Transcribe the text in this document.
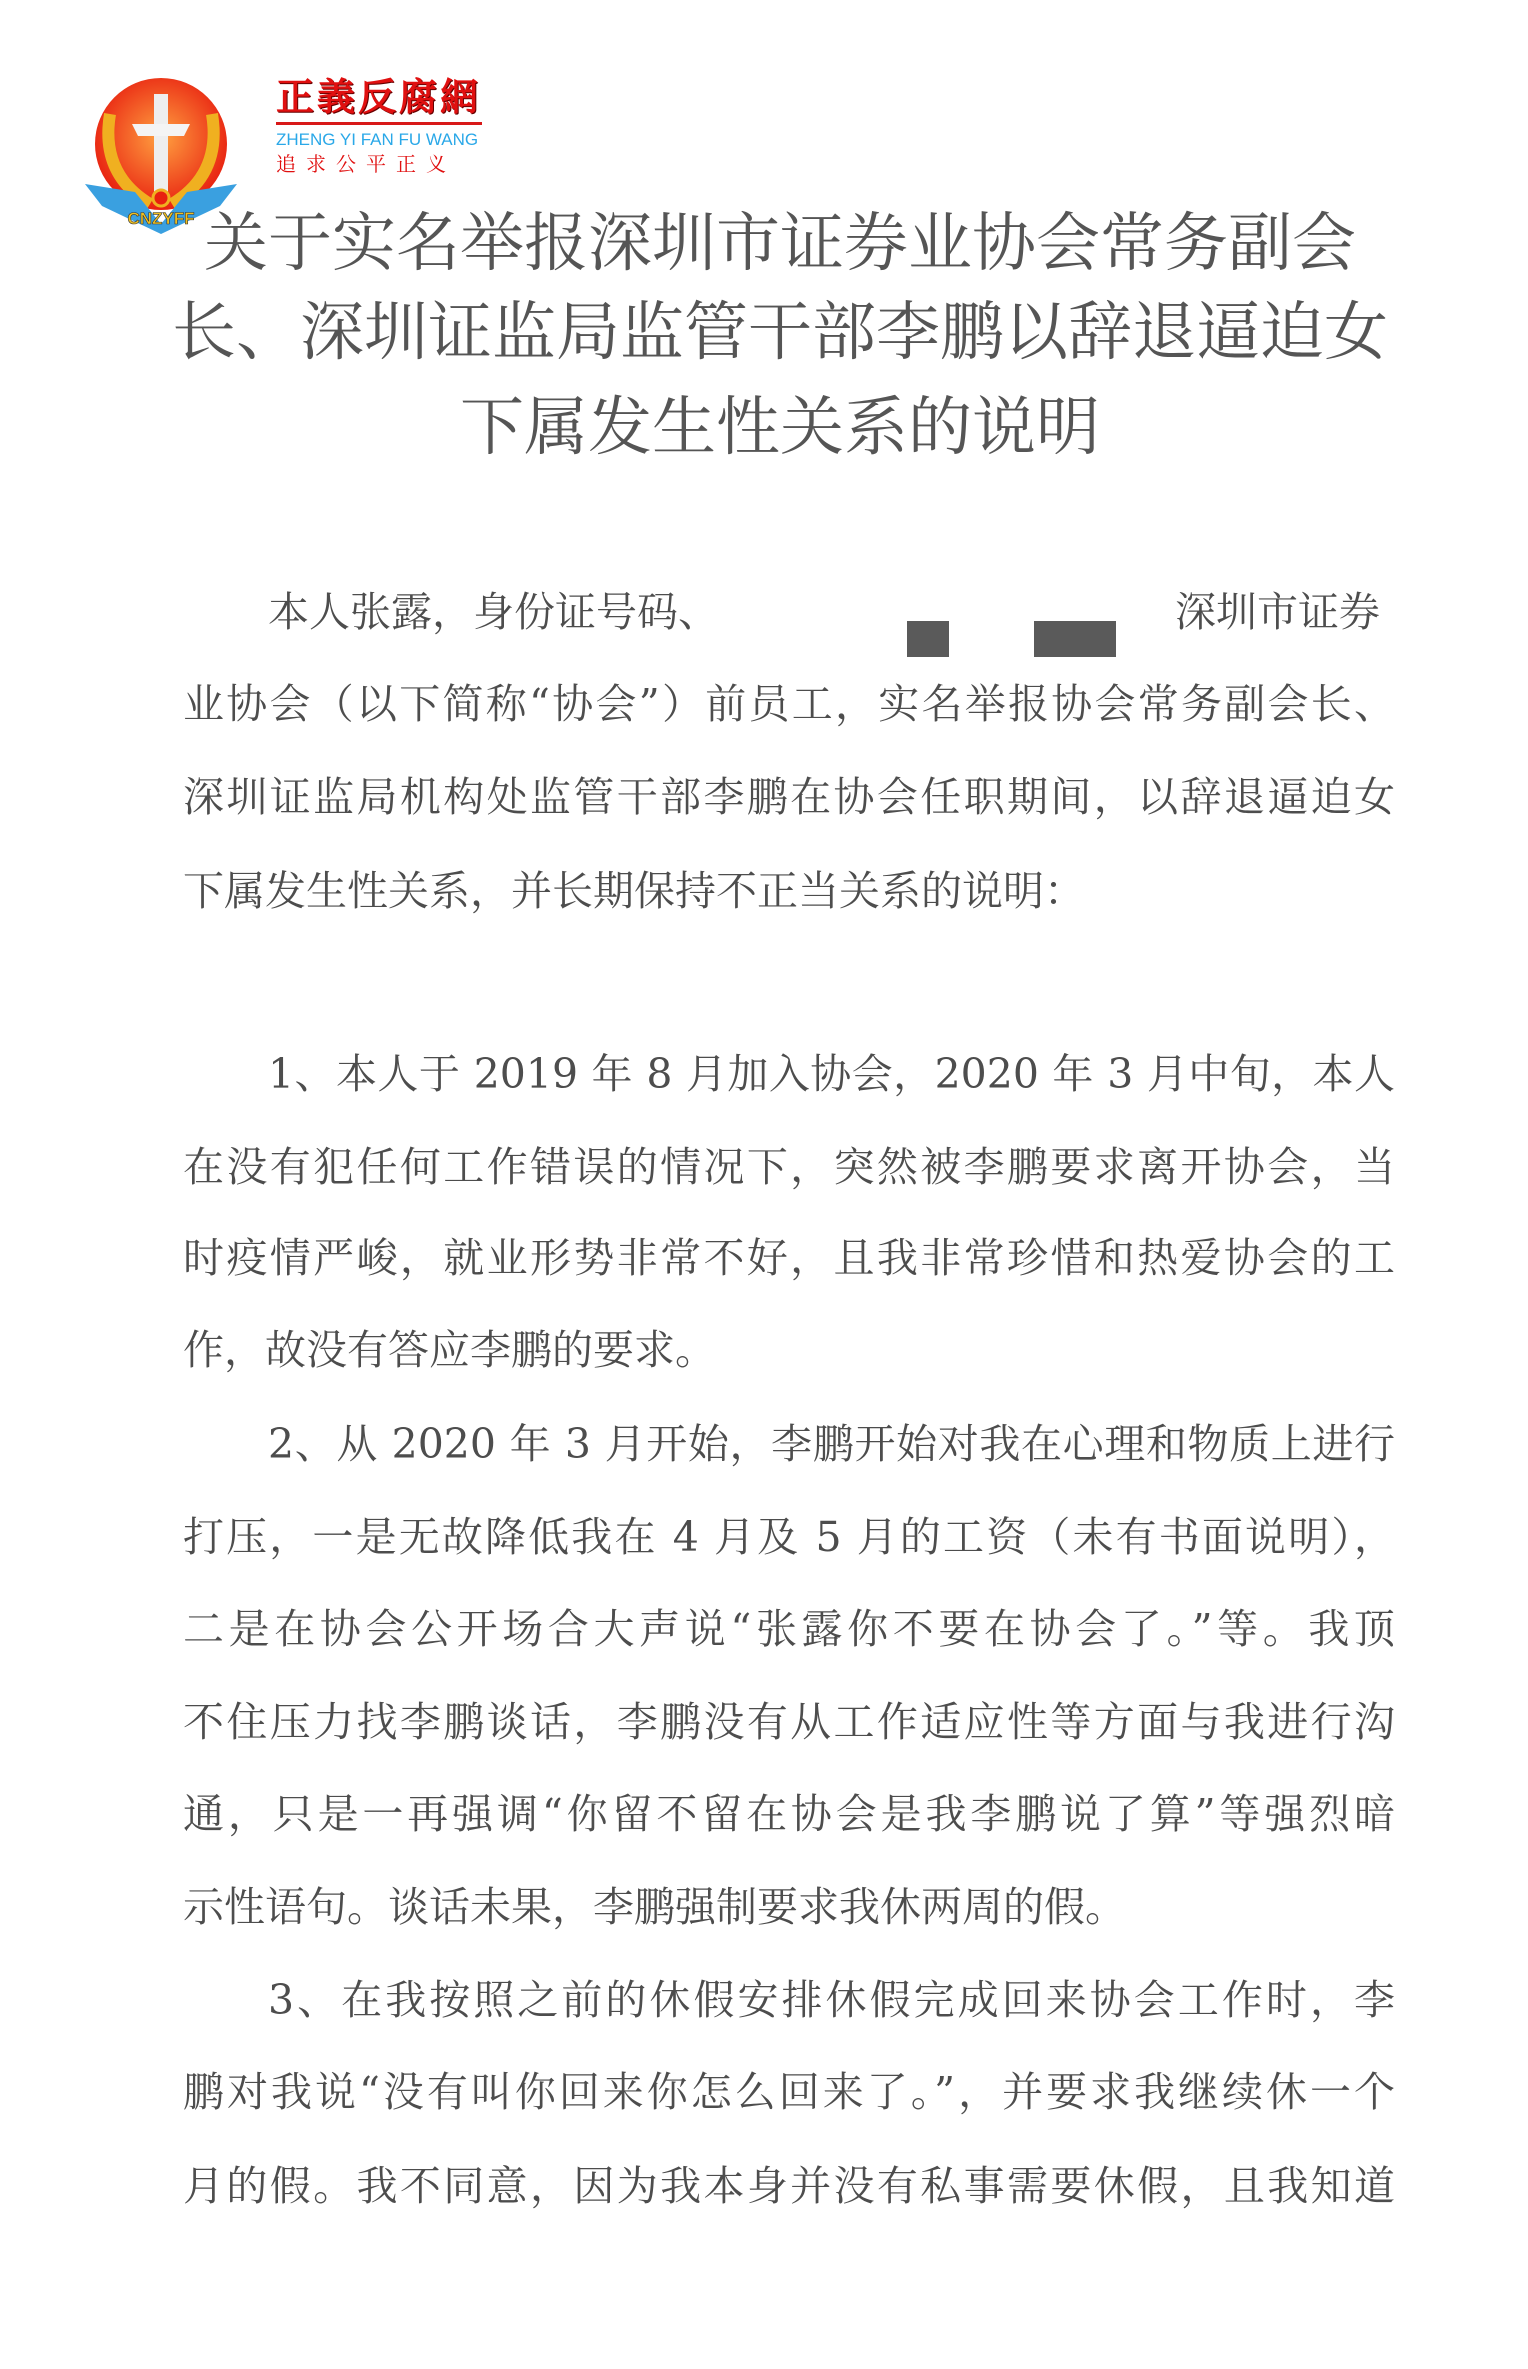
CNZYFF
正義反腐網
ZHENG YI FAN FU WANG
追求公平正义
关于实名举报深圳市证券业协会常务副会
长、深圳证监局监管干部李鹏以辞退逼迫女
下属发生性关系的说明
本人张露，身份证号码、	深圳市证券
业协会（以下简称“协会”）前员工，实名举报协会常务副会长、
深圳证监局机构处监管干部李鹏在协会任职期间，以辞退逼迫女
下属发生性关系，并长期保持不正当关系的说明：
1、本人于 2019 年 8 月加入协会，2020 年 3 月中旬，本人
在没有犯任何工作错误的情况下，突然被李鹏要求离开协会，当
时疫情严峻，就业形势非常不好，且我非常珍惜和热爱协会的工
作，故没有答应李鹏的要求。
2、从 2020 年 3 月开始，李鹏开始对我在心理和物质上进行
打压，一是无故降低我在 4 月及 5 月的工资（未有书面说明），
二是在协会公开场合大声说“张露你不要在协会了。”等。我顶
不住压力找李鹏谈话，李鹏没有从工作适应性等方面与我进行沟
通，只是一再强调“你留不留在协会是我李鹏说了算”等强烈暗
示性语句。谈话未果，李鹏强制要求我休两周的假。
3、在我按照之前的休假安排休假完成回来协会工作时，李
鹏对我说“没有叫你回来你怎么回来了。”，并要求我继续休一个
月的假。我不同意，因为我本身并没有私事需要休假，且我知道
